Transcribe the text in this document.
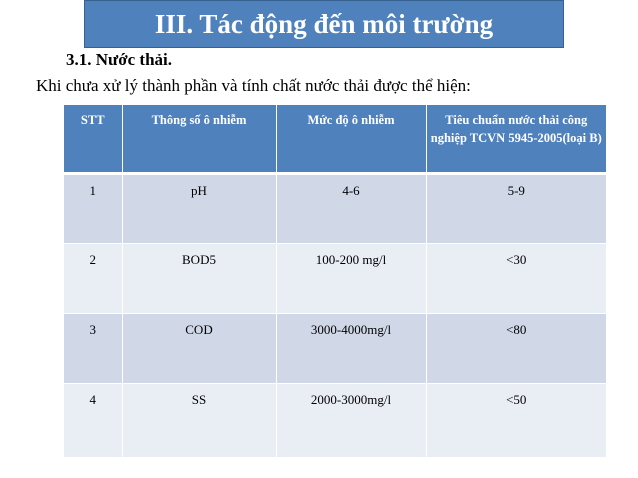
III. Tác động đến môi trường
3.1. Nước thải.
Khi chưa xử lý thành phần và tính chất nước thải được thể hiện:
STT	Thông số ô nhiễm	Mức độ ô nhiễm	Tiêu chuẩn nước thải công nghiệp TCVN 5945-2005(loại B)
1	pH	4-6	5-9
2	BOD5	100-200 mg/l	<30
3	COD	3000-4000mg/l	<80
4	SS	2000-3000mg/l	<50
